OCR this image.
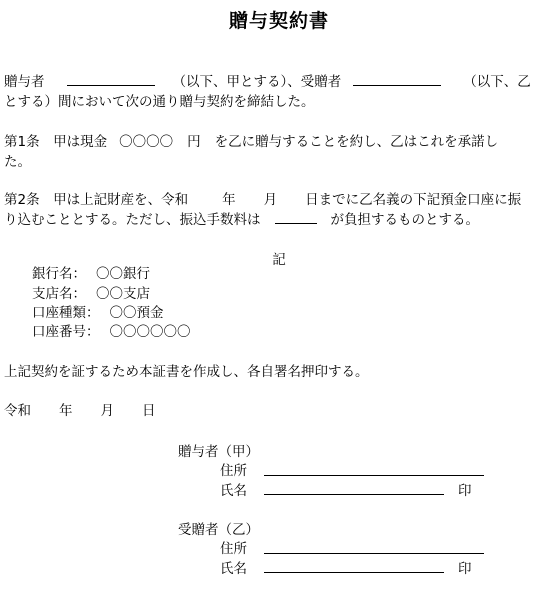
贈与契約書
贈与者	（以下、甲とする）、受贈者	（以下、乙
とする）間において次の通り贈与契約を締結した。
第1条　甲は現金 〇〇〇〇 円 を乙に贈与することを約し、乙はこれを承諾し
た。
第2条　甲は上記財産を、令和	年 月 日までに乙名義の下記預金口座に振
り込むこととする。ただし、振込手数料は	が負担するものとする。
記
銀行名： 〇〇銀行
支店名： 〇〇支店
口座種類： 〇〇預金
口座番号： 〇〇〇〇〇〇
上記契約を証するため本証書を作成し、各自署名押印する。
令和 年 月 日
贈与者（甲）
住所
氏名	印
受贈者（乙）
住所
氏名	印
